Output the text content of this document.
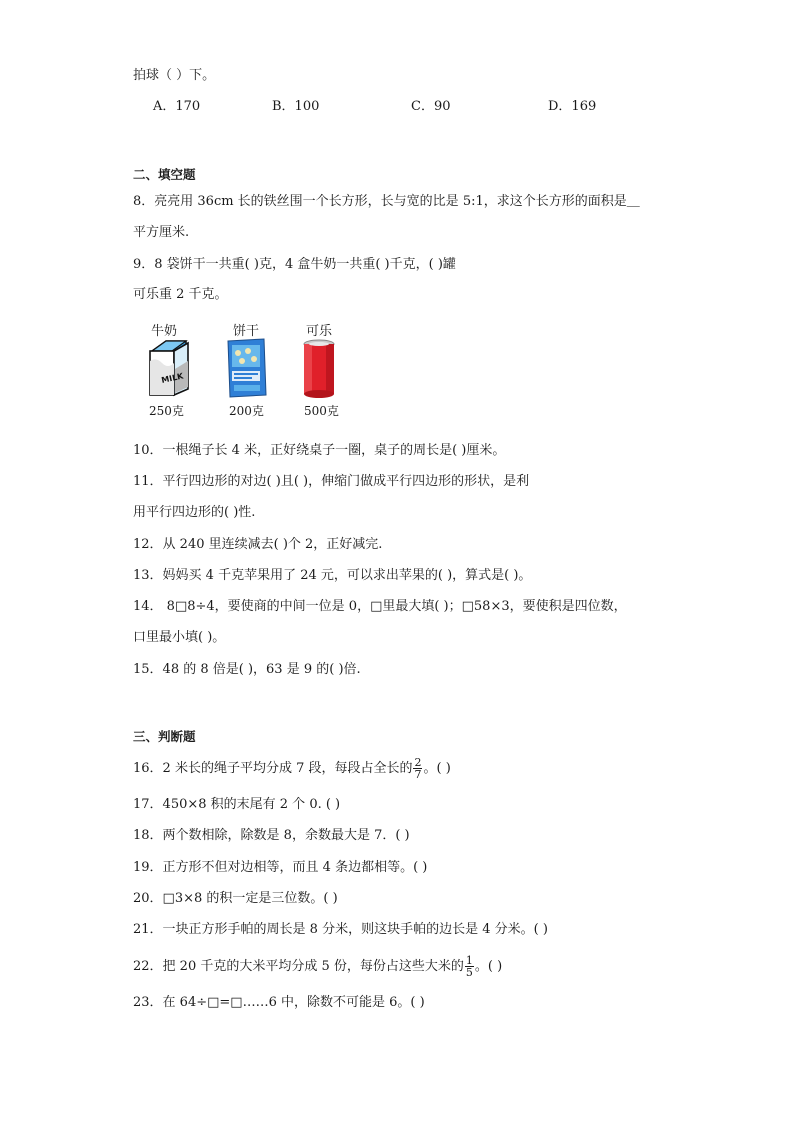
拍球（ ）下。
A．170	B．100	C．90	D．169
二、填空题
8．亮亮用 36cm 长的铁丝围一个长方形，长与宽的比是 5:1，求这个长方形的面积是＿
平方厘米.
9．8 袋饼干一共重( )克，4 盒牛奶一共重( )千克，( )罐
可乐重 2 千克。
牛奶	饼干	可乐
MILK
250克	200克	500克
10．一根绳子长 4 米，正好绕桌子一圈，桌子的周长是( )厘米。
11．平行四边形的对边( )且( )，伸缩门做成平行四边形的形状，是利
用平行四边形的( )性.
12．从 240 里连续减去( )个 2，正好减完.
13．妈妈买 4 千克苹果用了 24 元，可以求出苹果的( )，算式是( )。
14． 8□8÷4，要使商的中间一位是 0，□里最大填( )；□58×3，要使积是四位数，
口里最小填( )。
15．48 的 8 倍是( )，63 是 9 的( )倍.
三、判断题
16．2 米长的绳子平均分成 7 段，每段占全长的 $\frac{2}{7}$ 。( )
17．450×8 积的末尾有 2 个 0. ( )
18．两个数相除，除数是 8，余数最大是 7．( )
19．正方形不但对边相等，而且 4 条边都相等。( )
20．□3×8 的积一定是三位数。( )
21．一块正方形手帕的周长是 8 分米，则这块手帕的边长是 4 分米。( )
22．把 20 千克的大米平均分成 5 份，每份占这些大米的 $\frac{1}{5}$ 。( )
23．在 64÷□=□……6 中，除数不可能是 6。( )
